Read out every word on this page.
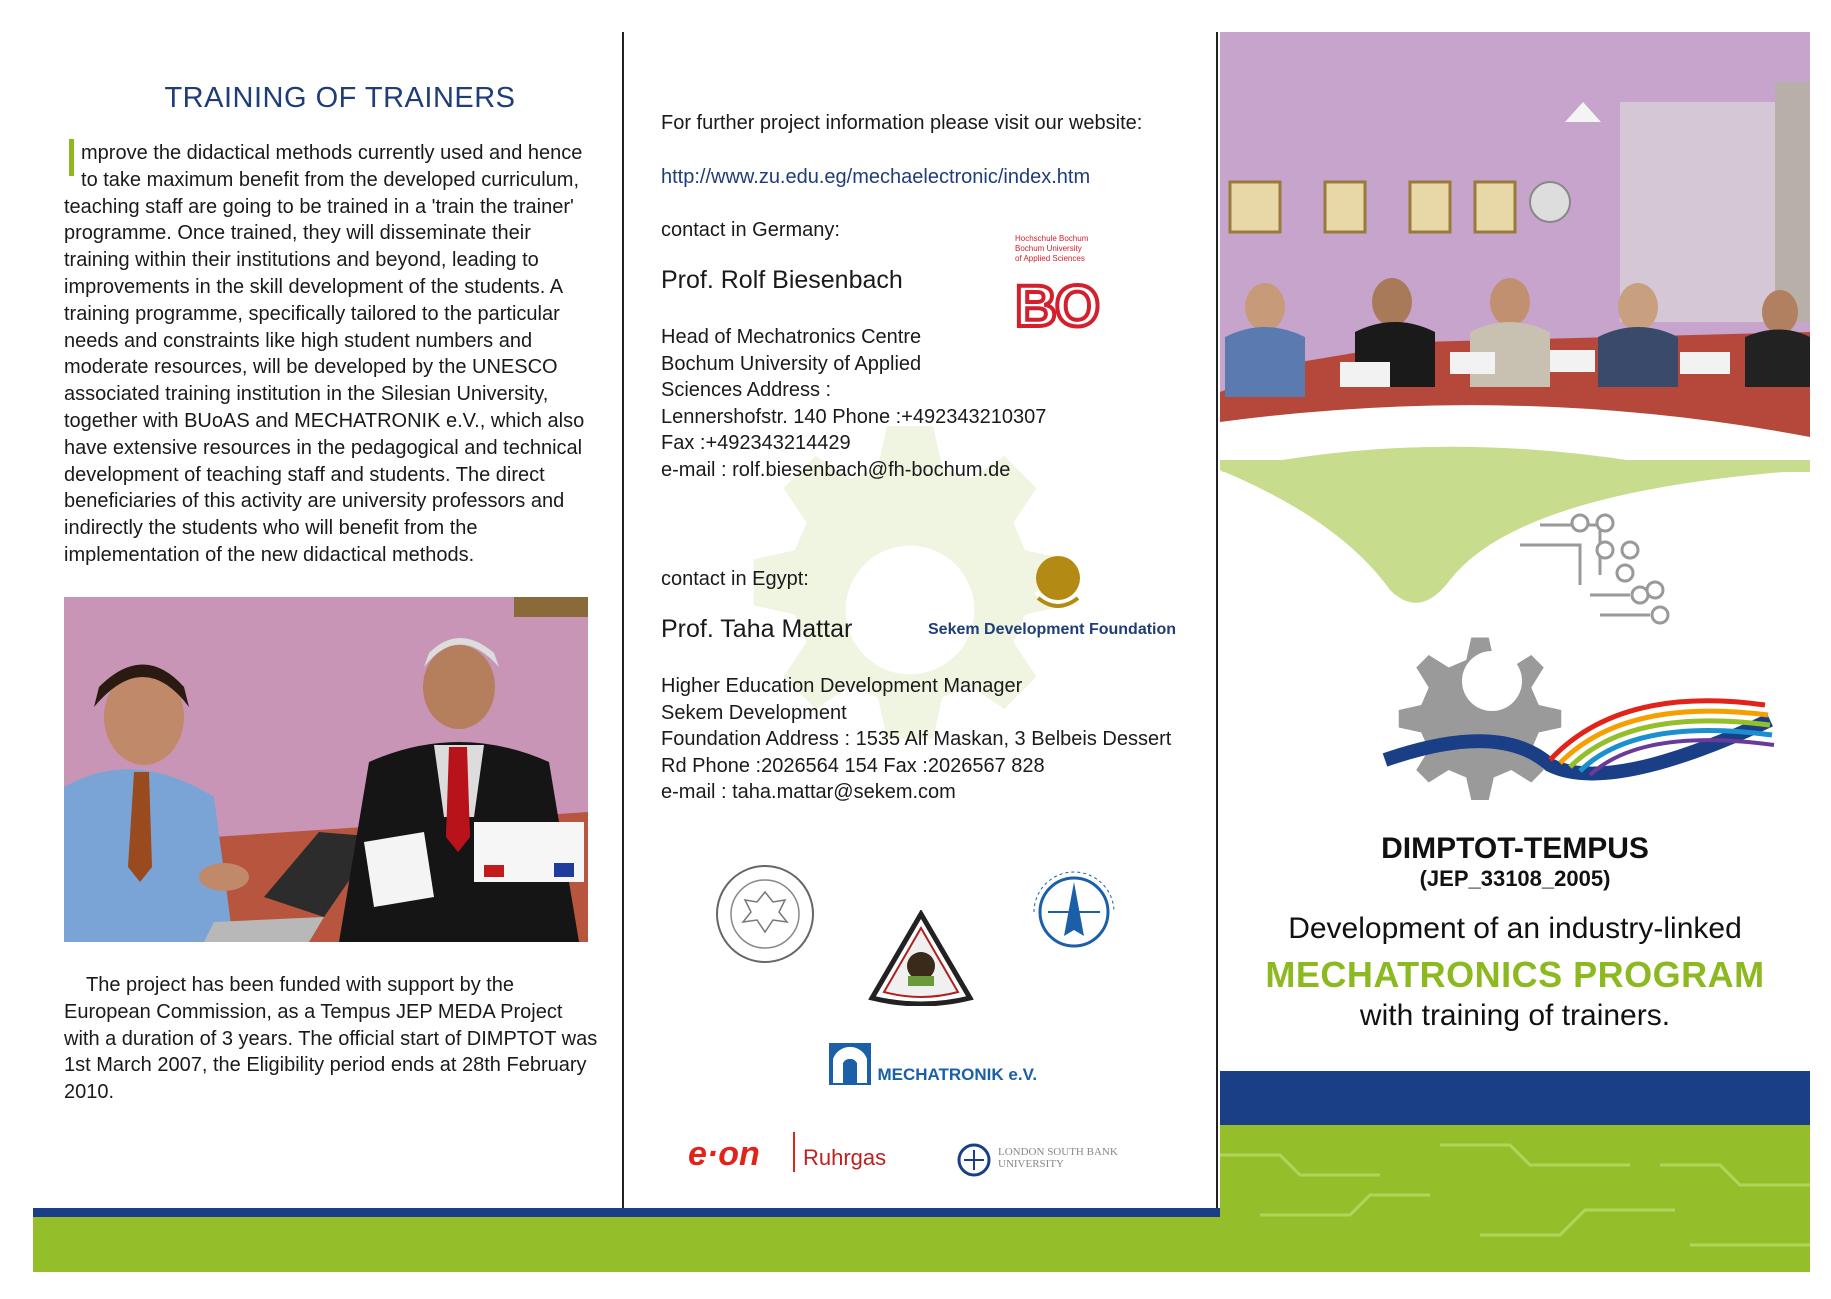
TRAINING OF TRAINERS
Improve the didactical methods currently used and hence to take maximum benefit from the developed curriculum, teaching staff are going to be trained in a 'train the trainer' programme. Once trained, they will disseminate their training within their institutions and beyond, leading to improvements in the skill development of the students. A training programme, specifically tailored to the particular needs and constraints like high student numbers and moderate resources, will be developed by the UNESCO associated training institution in the Silesian University, together with BUoAS and MECHATRONIK e.V., which also have extensive resources in the pedagogical and technical development of teaching staff and students. The direct beneficiaries of this activity are university professors and indirectly the students who will benefit from the implementation of the new didactical methods.
The project has been funded with support by the European Commission, as a Tempus JEP MEDA Project with a duration of 3 years. The official start of DIMPTOT was 1st March 2007, the Eligibility period ends at 28th February 2010.
For further project information please visit our website:
http://www.zu.edu.eg/mechaelectronic/index.htm
contact in Germany:
Prof. Rolf Biesenbach
Head of Mechatronics Centre
Bochum University of Applied
Sciences Address :
Lennershofstr. 140 Phone :+492343210307
Fax :+492343214429
e-mail : rolf.biesenbach@fh-bochum.de
Hochschule Bochum
Bochum University
of Applied Sciences
BO
contact in Egypt:
Prof. Taha Mattar	Sekem Development Foundation
Higher Education Development Manager
Sekem Development
Foundation Address : 1535 Alf Maskan, 3 Belbeis Dessert
Rd Phone :2026564 154 Fax :2026567 828
e-mail : taha.mattar@sekem.com
MECHATRONIK e.V.
e·on Ruhrgas	LONDON SOUTH BANK
UNIVERSITY
DIMPTOT-TEMPUS
(JEP_33108_2005)
Development of an industry-linked
MECHATRONICS PROGRAM
with training of trainers.
